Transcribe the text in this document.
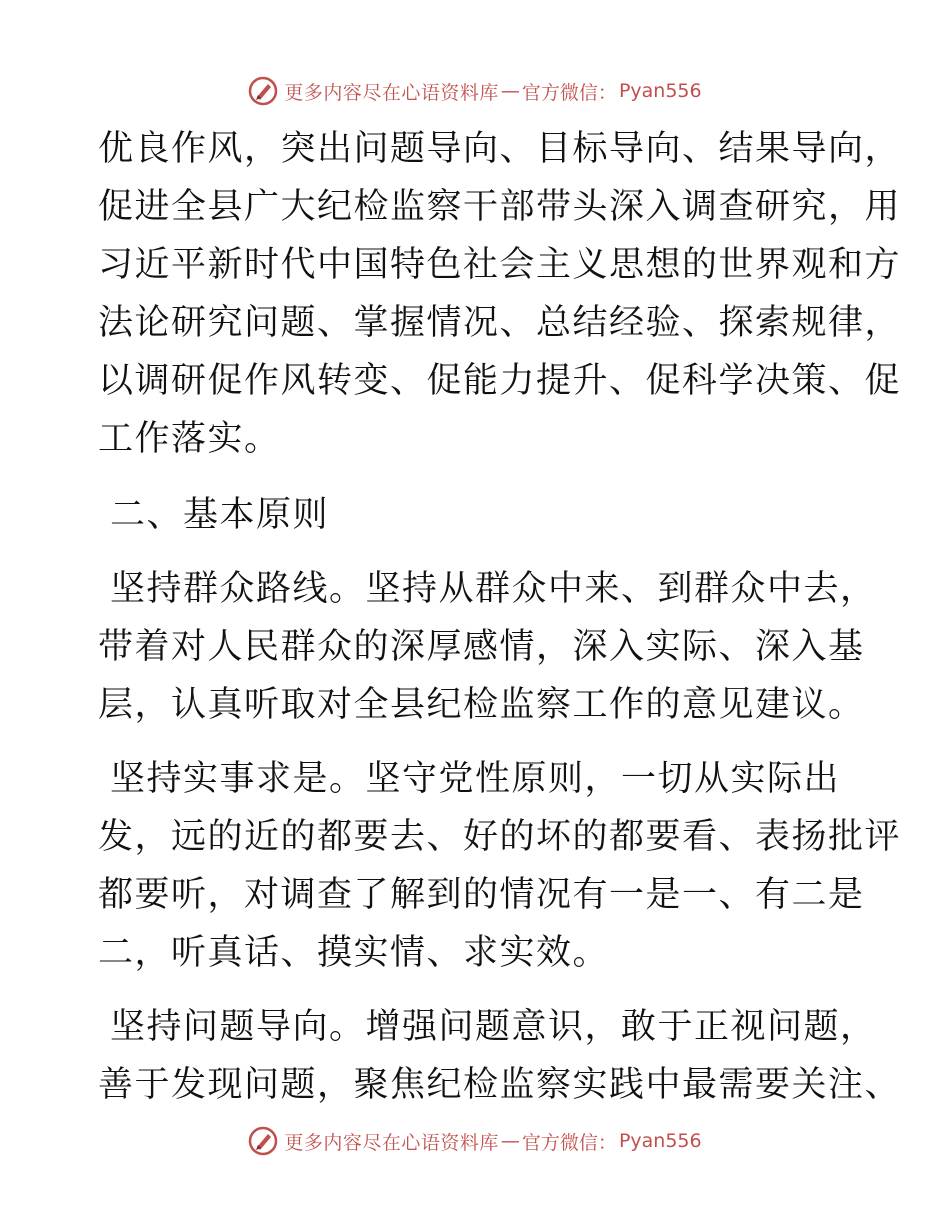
更多内容尽在心语资料库 — 官方微信： Pyan556
优良作风，突出问题导向、目标导向、结果导向，
促进全县广大纪检监察干部带头深入调查研究，用
习近平新时代中国特色社会主义思想的世界观和方
法论研究问题、掌握情况、总结经验、探索规律，
以调研促作风转变、促能力提升、促科学决策、促
工作落实。
二、基本原则
坚持群众路线。坚持从群众中来、到群众中去，
带着对人民群众的深厚感情，深入实际、深入基
层，认真听取对全县纪检监察工作的意见建议。
坚持实事求是。坚守党性原则，一切从实际出
发，远的近的都要去、好的坏的都要看、表扬批评
都要听，对调查了解到的情况有一是一、有二是
二，听真话、摸实情、求实效。
坚持问题导向。增强问题意识，敢于正视问题，
善于发现问题，聚焦纪检监察实践中最需要关注、
更多内容尽在心语资料库 — 官方微信： Pyan556
